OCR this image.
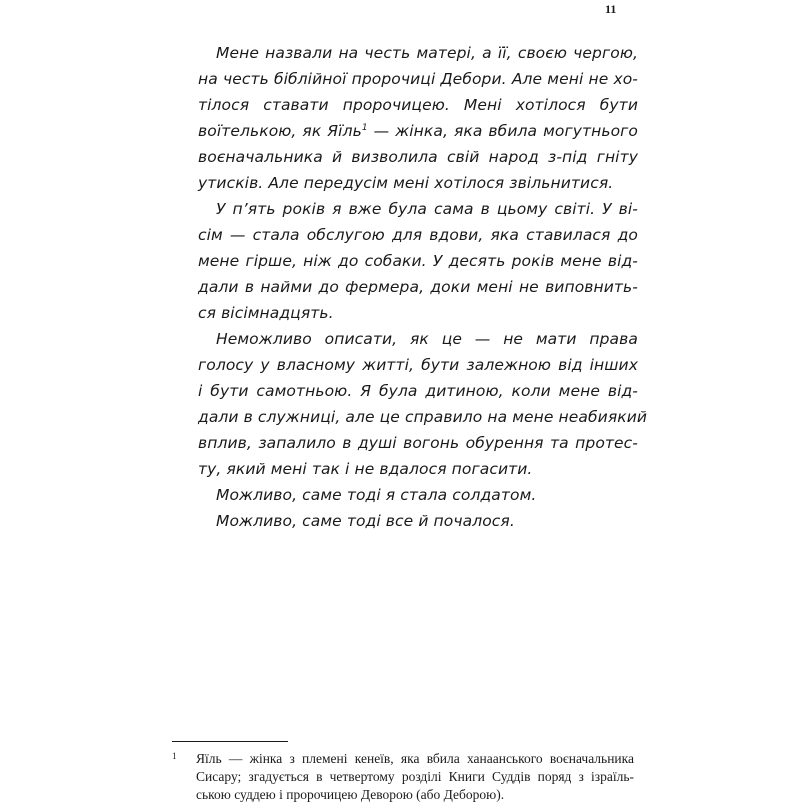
11
Мене назвали на честь матері, а її, своєю чергою,
на честь біблійної пророчиці Дебори. Але мені не хо-
тілося ставати пророчицею. Мені хотілося бути
воїтелькою, як Яїль$^1$ — жінка, яка вбила могутнього
воєначальника й визволила свій народ з-під гніту
утисків. Але передусім мені хотілося звільнитися.
У п’ять років я вже була сама в цьому світі. У ві-
сім — стала обслугою для вдови, яка ставилася до
мене гірше, ніж до собаки. У десять років мене від-
дали в найми до фермера, доки мені не виповнить-
ся вісімнадцять.
Неможливо описати, як це — не мати права
голосу у власному житті, бути залежною від інших
і бути самотньою. Я була дитиною, коли мене від-
дали в служниці, але це справило на мене неабиякий
вплив, запалило в душі вогонь обурення та протес-
ту, який мені так і не вдалося погасити.
Можливо, саме тоді я стала солдатом.
Можливо, саме тоді все й почалося.
1	Яїль — жінка з племені кенеїв, яка вбила ханаанського воєначальника
Сисару; згадується в четвертому розділі Книги Суддів поряд з ізраїль-
ською суддею і пророчицею Деворою (або Деборою).
